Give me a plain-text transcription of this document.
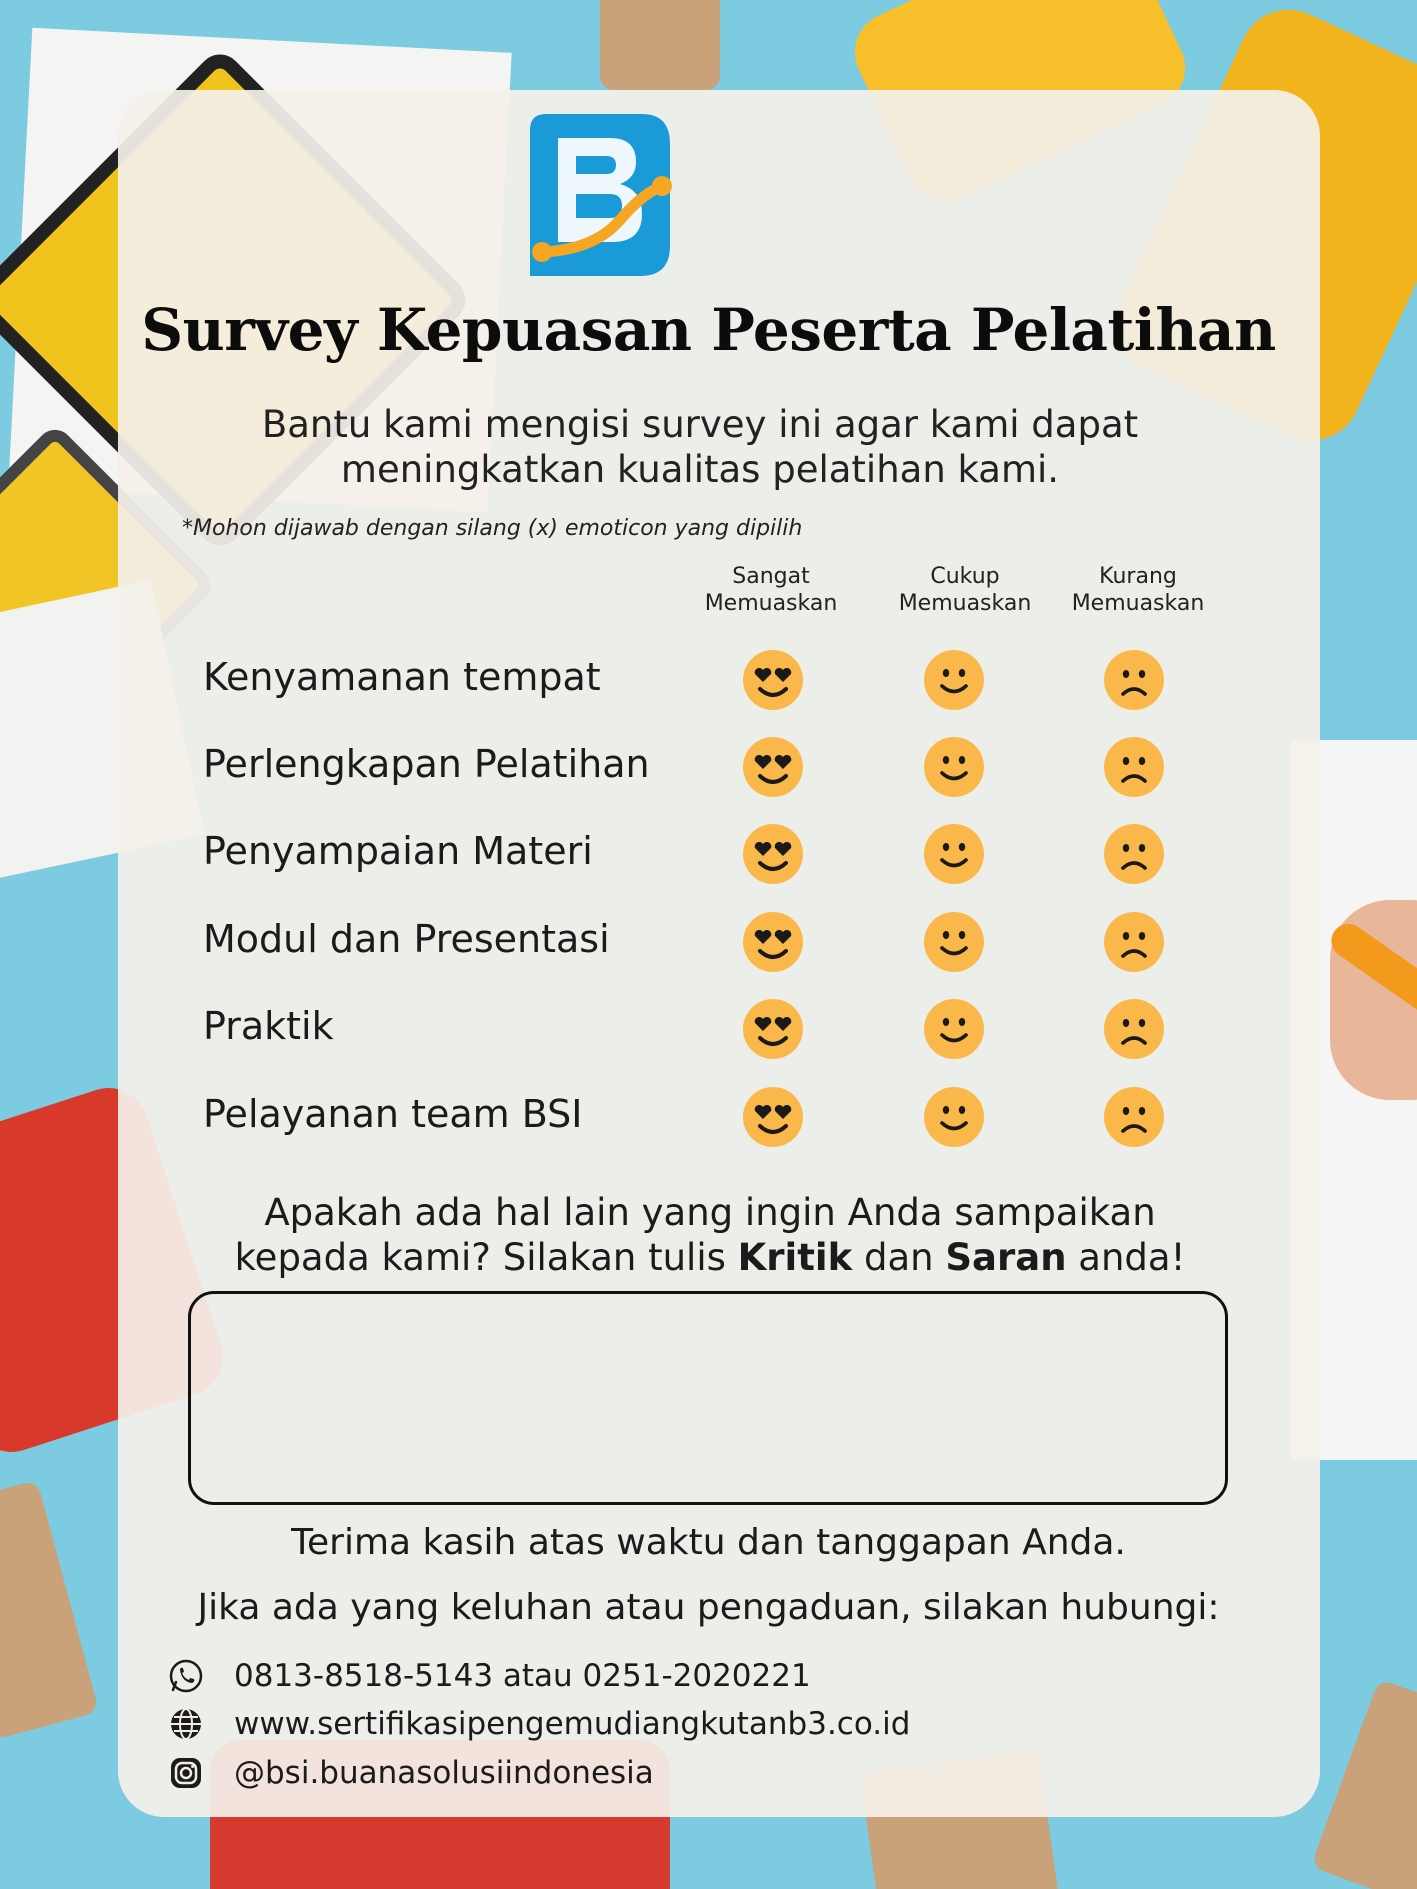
Survey Kepuasan Peserta Pelatihan
Bantu kami mengisi survey ini agar kami dapat
meningkatkan kualitas pelatihan kami.
*Mohon dijawab dengan silang (x) emoticon yang dipilih
Sangat
Memuaskan
Cukup
Memuaskan
Kurang
Memuaskan
Kenyamanan tempat
Perlengkapan Pelatihan
Penyampaian Materi
Modul dan Presentasi
Praktik
Pelayanan team BSI
Apakah ada hal lain yang ingin Anda sampaikan
kepada kami? Silakan tulis Kritik dan Saran anda!
Terima kasih atas waktu dan tanggapan Anda.
Jika ada yang keluhan atau pengaduan, silakan hubungi:
0813-8518-5143 atau 0251-2020221
www.sertifikasipengemudiangkutanb3.co.id
@bsi.buanasolusiindonesia
